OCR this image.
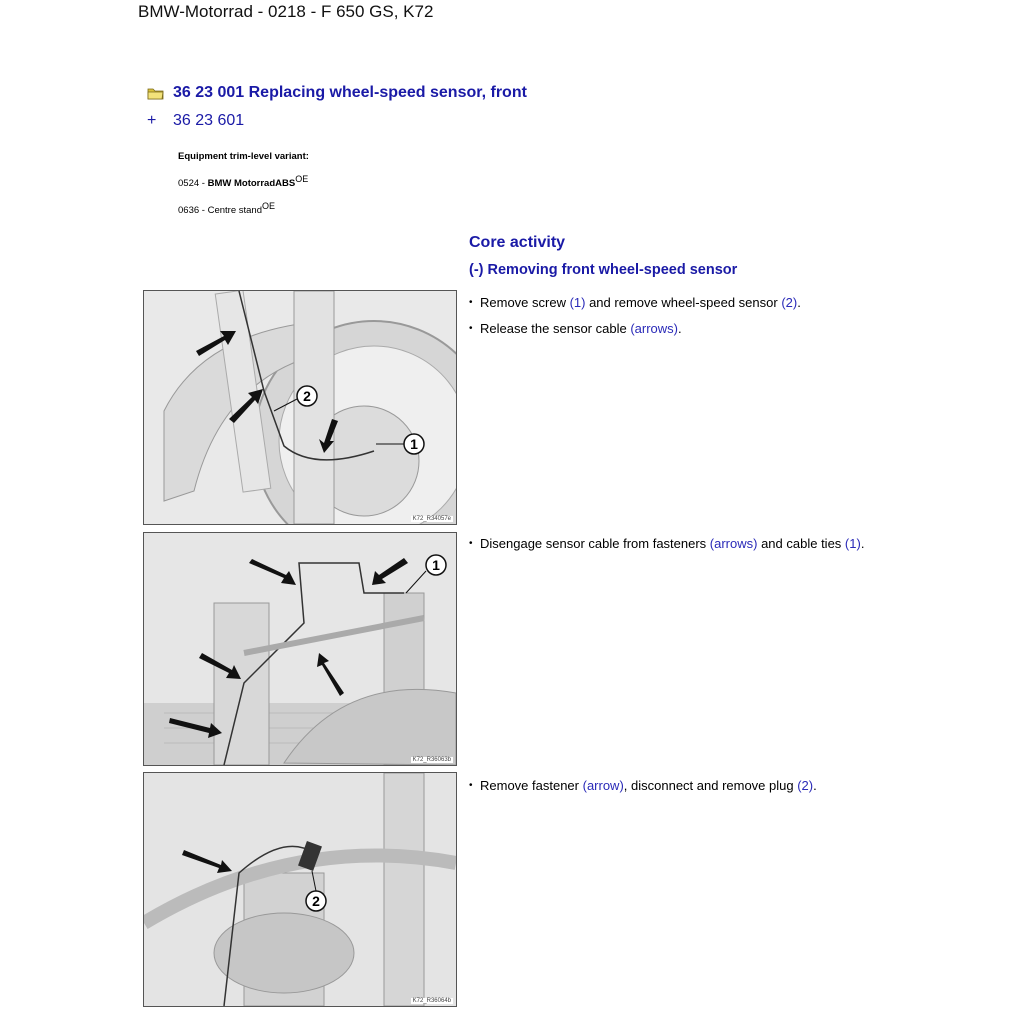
BMW-Motorrad - 0218 - F 650 GS, K72
36 23 001 Replacing wheel-speed sensor, front
+	36 23 601
Equipment trim-level variant:
0524 - BMW MotorradABS$^{OE}$
0636 - Centre stand$^{OE}$
Core activity
(-) Removing front wheel-speed sensor
2
1
K72_R34057e
• Remove screw (1) and remove wheel-speed sensor (2).
• Release the sensor cable (arrows).
1
K72_R36063b
• Disengage sensor cable from fasteners (arrows) and cable ties (1).
2
K72_R36064b
• Remove fastener (arrow), disconnect and remove plug (2).
